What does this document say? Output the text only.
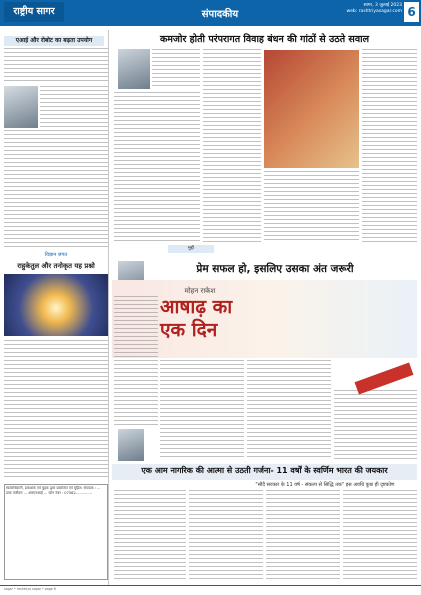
राष्ट्रीय सागर	संपादकीय
सागर, 3 जुलाई 2023
web: rashtriyasagar.com 6
एआई और रोबोट का बढ़ता उपयोग
विज्ञान जगत
राहुकेतुल और तनोकृत यह प्रश्नो
स्वत्वाधिकारी, प्रकाशक एवं मुद्रक द्वारा प्रकाशित एवं मुद्रित। संपादक : ... डाक पंजीयन ... आरएनआई ... फोन नंबर : 07582-.............
कमजोर होती परंपरागत विवाह बंधन की गांठों से उठते सवाल
मुद्दी
प्रेम सफल हो, इसलिए उसका अंत जरूरी
मोहन राकेश
आषाढ़ का एक दिन
एक आम नागरिक की आत्मा से उठती गर्जना- 11 वर्षों के स्वर्णिम भारत की जयकार
"सौदै सरकार के 11 वर्ष - संकल्प से सिद्धि तक" इस अवधि कुछ ही दृष्टकोण
sagar • rashtriya sagar • page 6
